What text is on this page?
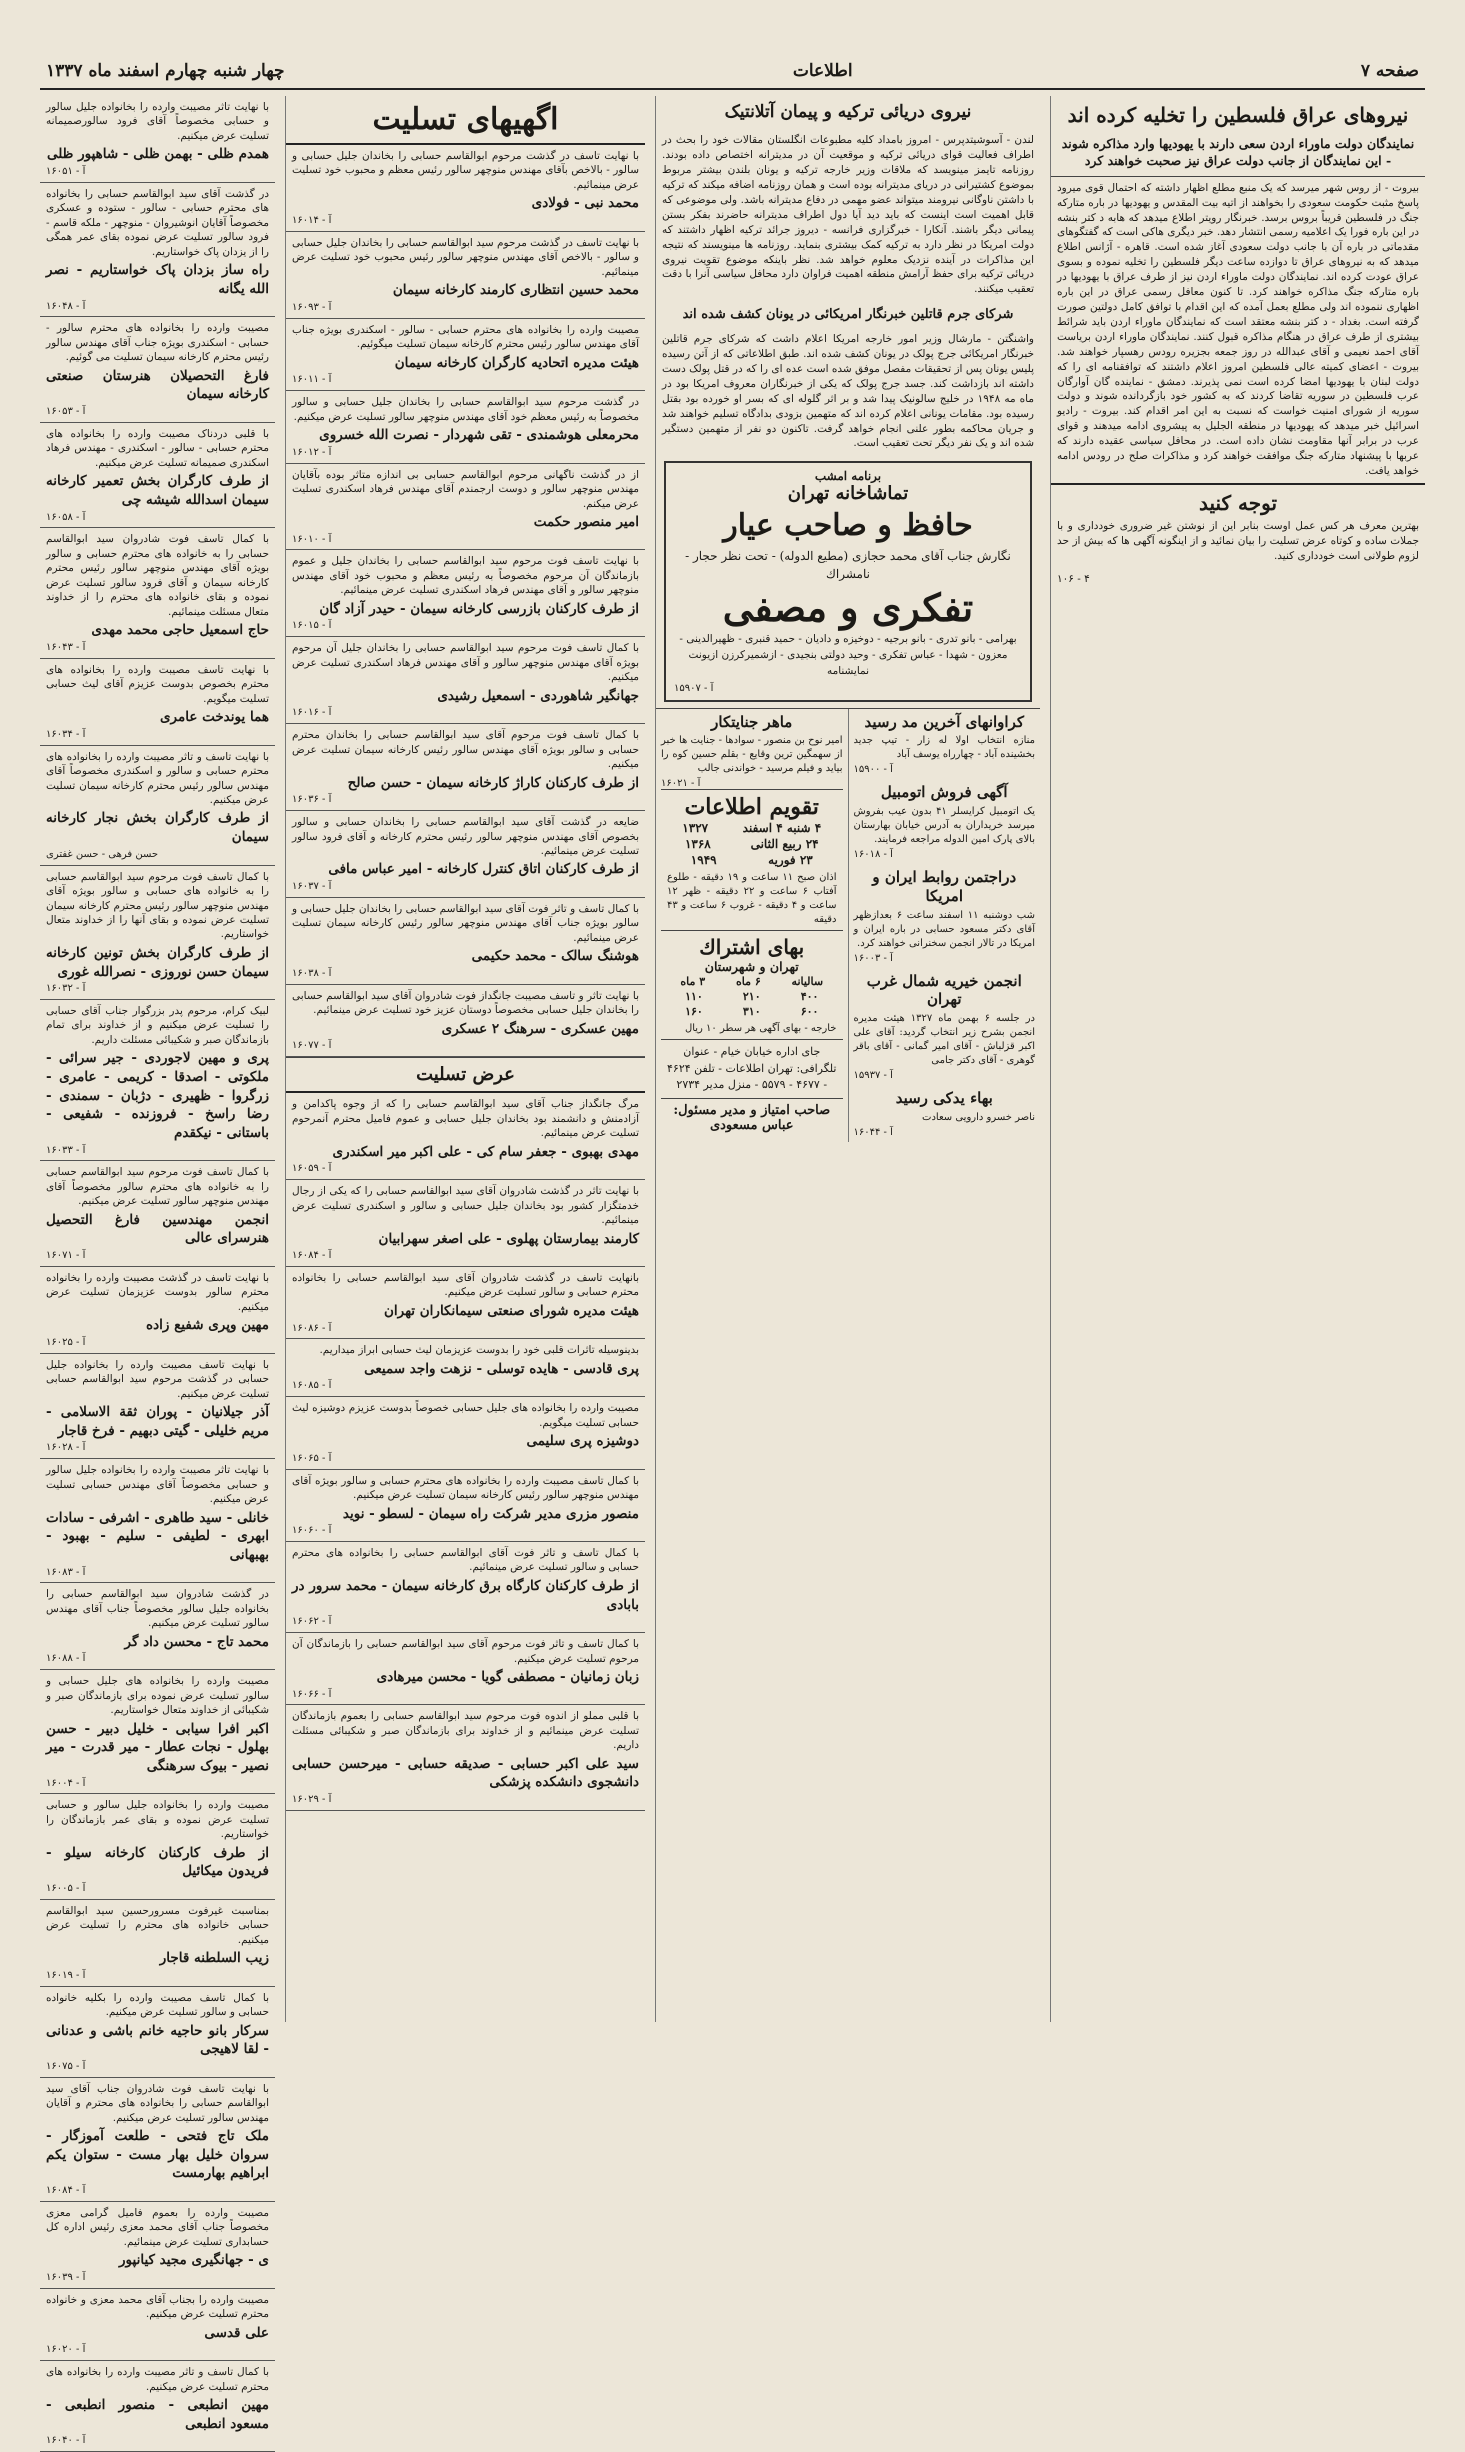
صفحه ۷
اطلاعات
چهار شنبه چهارم اسفند ماه ۱۳۳۷
نیروهای عراق فلسطین را تخلیه کرده اند
نمایندگان دولت ماوراء اردن سعی دارند با یهودیها وارد مذاکره شوند - این نمایندگان از جانب دولت عراق نیز صحبت خواهند کرد
بیروت - از روس شهر میرسد که یک منبع مطلع اظهار داشته که احتمال قوی میرود پاسخ مثبت حکومت سعودی را بخواهند از اتیه بیت المقدس و یهودیها در باره متارکه جنگ در فلسطین قریباً بروس برسد. خبرنگار رویتر اطلاع میدهد که هابه د کتر بنشه در این باره فورا یک اعلامیه رسمی انتشار دهد. خبر دیگری هاکی است که گفتگوهای مقدماتی در باره آن با جانب دولت سعودی آغاز شده است. قاهره - آژانس اطلاع میدهد که به نیروهای عراق تا دوازده ساعت دیگر فلسطین را تخلیه نموده و بسوی عراق عودت کرده اند. نمایندگان دولت ماوراء اردن نیز از طرف عراق با یهودیها در باره متارکه جنگ مذاکره خواهند کرد. تا کنون معافل رسمی عراق در این باره اظهاری ننموده اند ولی مطلع بعمل آمده که این اقدام با توافق کامل دولتین صورت گرفته است. بغداد - د کتر بنشه معتقد است که نمایندگان ماوراء اردن باید شرائط بیشتری از طرف عراق در هنگام مذاکره قبول کنند. نمایندگان ماوراء اردن بریاست آقای احمد نعیمی و آقای عبدالله در روز جمعه بجزیره رودس رهسپار خواهند شد. بیروت - اعضای کمیته عالی فلسطین امروز اعلام داشتند که توافقنامه ای را که دولت لبنان با یهودیها امضا کرده است نمی پذیرند. دمشق - نماینده گان آوارگان عرب فلسطین در سوریه تقاضا کردند که به کشور خود بازگردانده شوند و دولت سوریه از شورای امنیت خواست که نسبت به این امر اقدام کند. بیروت - رادیو اسرائیل خبر میدهد که یهودیها در منطقه الجلیل به پیشروی ادامه میدهند و قوای عرب در برابر آنها مقاومت نشان داده است. در محافل سیاسی عقیده دارند که عربها با پیشنهاد متارکه جنگ موافقت خواهند کرد و مذاکرات صلح در رودس ادامه خواهد یافت.
توجه کنید
بهترین معرف هر کس عمل اوست بنابر این از نوشتن غیر ضروری خودداری و با جملات ساده و کوتاه عرض تسلیت را بیان نمائید و از اینگونه آگهی ها که بیش از حد لزوم طولانی است خودداری کنید.
۱۰۶ - ۴
نیروی دریائی ترکیه و پیمان آتلانتیک
لندن - آسوشیتدپرس - امروز بامداد کلیه مطبوعات انگلستان مقالات خود را بحث در اطراف فعالیت قوای دریائی ترکیه و موقعیت آن در مدیترانه اختصاص داده بودند. روزنامه تایمز مینویسد که ملاقات وزیر خارجه ترکیه و یونان بلندن بیشتر مربوط بموضوع کشتیرانی در دریای مدیترانه بوده است و همان روزنامه اضافه میکند که ترکیه با داشتن ناوگانی نیرومند میتواند عضو مهمی در دفاع مدیترانه باشد. ولی موضوعی که قابل اهمیت است اینست که باید دید آیا دول اطراف مدیترانه حاضرند بفکر بستن پیمانی دیگر باشند. آنکارا - خبرگزاری فرانسه - دیروز جرائد ترکیه اظهار داشتند که دولت امریکا در نظر دارد به ترکیه کمک بیشتری بنماید. روزنامه ها مینویسند که نتیجه این مذاکرات در آینده نزدیک معلوم خواهد شد. نظر باینکه موضوع تقویت نیروی دریائی ترکیه برای حفظ آرامش منطقه اهمیت فراوان دارد محافل سیاسی آنرا با دقت تعقیب میکنند.
شرکای جرم قاتلین خبرنگار امریکائی در یونان کشف شده اند
واشنگتن - مارشال وزیر امور خارجه امریکا اعلام داشت که شرکای جرم قاتلین خبرنگار امریکائی جرج پولک در یونان کشف شده اند. طبق اطلاعاتی که از آتن رسیده پلیس یونان پس از تحقیقات مفصل موفق شده است عده ای را که در قتل پولک دست داشته اند بازداشت کند. جسد جرج پولک که یکی از خبرنگاران معروف امریکا بود در ماه مه ۱۹۴۸ در خلیج سالونیک پیدا شد و بر اثر گلوله ای که بسر او خورده بود بقتل رسیده بود. مقامات یونانی اعلام کرده اند که متهمین بزودی بدادگاه تسلیم خواهند شد و جریان محاکمه بطور علنی انجام خواهد گرفت. تاکنون دو نفر از متهمین دستگیر شده اند و یک نفر دیگر تحت تعقیب است.
برنامه امشب
تماشاخانه تهران
حافظ و صاحب عیار
نگارش جناب آقای محمد حجازی (مطیع الدوله) - تحت نظر حجار - نامشراك
تفکری و مصفی
بهرامی - بانو تدری - بانو برجیه - دوخیزه و دادیان - حمید قنبری - ظهیرالدینی - معزون - شهدا - عباس تفکری - وحید دولتی بنجیدی - ازشمیرکرزن ازیونت نمایشنامه
آ - ۱۵۹۰۷
کراوانهای آخرین مد رسید
منازه انتخاب اولا له زار - تیپ جدید بخشینده آباد - چهارراه یوسف آباد
آ - ۱۵۹۰۰
آگهی فروش اتومبیل
یک اتومبیل کرایسلر ۴۱ بدون عیب بفروش میرسد خریداران به آدرس خیابان بهارستان بالای پارک امین الدوله مراجعه فرمایند.
آ - ۱۶۰۱۸
دراجتمن روابط ایران و امریکا
شب دوشنبه ۱۱ اسفند ساعت ۶ بعدازظهر آقای دکتر مسعود حسابی در باره ایران و امریکا در تالار انجمن سخنرانی خواهند کرد.
آ - ۱۶۰۰۳
انجمن خیریه شمال غرب تهران
در جلسه ۶ بهمن ماه ۱۳۲۷ هیئت مدیره انجمن بشرح زیر انتخاب گردید: آقای علی اکبر قزلباش - آقای امیر گمانی - آقای باقر گوهری - آقای دکتر جامی
آ - ۱۵۹۳۷
بهاء یدکی رسید
ناصر خسرو دارویی سعادت
آ - ۱۶۰۴۴
ماهر جنایتکار
امیر نوح بن منصور - سوادها - جنایت ها خبر از سهمگین ترین وقایع - بقلم حسین کوه را بیاید و فیلم مرسید - خواندنی جالب
آ - ۱۶۰۲۱
تقویم اطلاعات
۴ شنبه ۴ اسفند
۱۳۲۷
۲۴ ربیع الثانی
۱۳۶۸
۲۳ فوریه
۱۹۴۹
اذان صبح ۱۱ ساعت و ۱۹ دقیقه - طلوع آفتاب ۶ ساعت و ۲۲ دقیقه - ظهر ۱۲ ساعت و ۴ دقیقه - غروب ۶ ساعت و ۴۳ دقیقه
بهای اشتراك
تهران و شهرستان
سالیانه
۶ ماه
۳ ماه
۴۰۰
۲۱۰
۱۱۰
۶۰۰
۳۱۰
۱۶۰
خارجه - بهای آگهی هر سطر ۱۰ ریال
جای اداره خیابان خیام - عنوان تلگرافی: تهران اطلاعات - تلفن ۴۶۲۴ - ۴۶۷۷ - ۵۵۷۹ - منزل مدیر ۲۷۳۴
صاحب امتیاز و مدیر مسئول: عباس مسعودی
اگهیهای تسلیت
با نهایت تاسف در گذشت مرحوم ابوالقاسم حسابی را بخاندان جلیل حسابی و سالور - بالاخص بآقای مهندس منوچهر سالور رئیس معظم و محبوب خود تسلیت عرض مینمائیم.
محمد نبی - فولادی
آ - ۱۶۰۱۴
با نهایت تاسف در گذشت مرحوم سید ابوالقاسم حسابی را بخاندان جلیل حسابی و سالور - بالاخص آقای مهندس منوچهر سالور رئیس محبوب خود تسلیت عرض مینمائیم.
محمد حسین انتظاری کارمند کارخانه سیمان
آ - ۱۶۰۹۳
مصیبت وارده را بخانواده های محترم حسابی - سالور - اسکندری بویژه جناب آقای مهندس سالور رئیس محترم کارخانه سیمان تسلیت میگوئیم.
هیئت مدیره اتحادیه کارگران کارخانه سیمان
آ - ۱۶۰۱۱
در گذشت مرحوم سید ابوالقاسم حسابی را بخاندان جلیل حسابی و سالور مخصوصاً به رئیس معظم خود آقای مهندس منوچهر سالور تسلیت عرض میکنیم.
محرمعلی هوشمندی - تقی شهردار - نصرت الله خسروی
آ - ۱۶۰۱۲
از در گذشت ناگهانی مرحوم ابوالقاسم حسابی بی اندازه متاثر بوده بآقایان مهندس منوچهر سالور و دوست ارجمندم آقای مهندس فرهاد اسکندری تسلیت عرض میکنم.
امیر منصور حکمت
آ - ۱۶۰۱۰
با نهایت تاسف فوت مرحوم سید ابوالقاسم حسابی را بخاندان جلیل و عموم بازماندگان آن مرحوم مخصوصاً به رئیس معظم و محبوب خود آقای مهندس منوچهر سالور و آقای مهندس فرهاد اسکندری تسلیت عرض مینمائیم.
از طرف کارکنان بازرسی کارخانه سیمان - حیدر آزاد گان
آ - ۱۶۰۱۵
با کمال تاسف فوت مرحوم سید ابوالقاسم حسابی را بخاندان جلیل آن مرحوم بویژه آقای مهندس منوچهر سالور و آقای مهندس فرهاد اسکندری تسلیت عرض میکنیم.
جهانگیر شاهوردی - اسمعیل رشیدی
آ - ۱۶۰۱۶
با کمال تاسف فوت مرحوم آقای سید ابوالقاسم حسابی را بخاندان محترم حسابی و سالور بویژه آقای مهندس سالور رئیس کارخانه سیمان تسلیت عرض میکنیم.
از طرف کارکنان کاراژ کارخانه سیمان - حسن صالح
آ - ۱۶۰۳۶
ضایعه در گذشت آقای سید ابوالقاسم حسابی را بخاندان حسابی و سالور بخصوص آقای مهندس منوچهر سالور رئیس محترم کارخانه و آقای فرود سالور تسلیت عرض مینمائیم.
از طرف کارکنان اتاق کنترل کارخانه - امیر عباس مافی
آ - ۱۶۰۳۷
با کمال تاسف و تاثر فوت آقای سید ابوالقاسم حسابی را بخاندان جلیل حسابی و سالور بویژه جناب آقای مهندس منوچهر سالور رئیس کارخانه سیمان تسلیت عرض مینمائیم.
هوشنگ سالک - محمد حکیمی
آ - ۱۶۰۳۸
با نهایت تاثر و تاسف مصیبت جانگداز فوت شادروان آقای سید ابوالقاسم حسابی را بخاندان جلیل حسابی مخصوصاً دوستان عزیز خود تسلیت عرض مینمائیم.
مهین عسکری - سرهنگ ۲ عسکری
آ - ۱۶۰۷۷
عرض تسلیت
مرگ جانگداز جناب آقای سید ابوالقاسم حسابی را که از وجوه پاکدامن و آزادمنش و دانشمند بود بخاندان جلیل حسابی و عموم فامیل محترم آنمرحوم تسلیت عرض مینمائیم.
مهدی بهبوی - جعفر سام کی - علی اکبر میر اسکندری
آ - ۱۶۰۵۹
با نهایت تاثر در گذشت شادروان آقای سید ابوالقاسم حسابی را که یکی از رجال خدمتگزار کشور بود بخاندان جلیل حسابی و سالور و اسکندری تسلیت عرض مینمائیم.
کارمند بیمارستان پهلوی - علی اصغر سهرابیان
آ - ۱۶۰۸۴
بانهایت تاسف در گذشت شادروان آقای سید ابوالقاسم حسابی را بخانواده محترم حسابی و سالور تسلیت عرض میکنیم.
هیئت مدیره شورای صنعتی سیمانکاران تهران
آ - ۱۶۰۸۶
بدینوسیله تاثرات قلبی خود را بدوست عزیزمان لیث حسابی ابراز میداریم.
پری قادسی - هایده توسلی - نزهت واجد سمیعی
آ - ۱۶۰۸۵
مصیبت وارده را بخانواده های جلیل حسابی خصوصاً بدوست عزیزم دوشیزه لیث حسابی تسلیت میگویم.
دوشیزه پری سلیمی
آ - ۱۶۰۶۵
با کمال تاسف مصیبت وارده را بخانواده های محترم حسابی و سالور بویژه آقای مهندس منوچهر سالور رئیس کارخانه سیمان تسلیت عرض میکنیم.
منصور مزری مدیر شرکت راه سیمان - لسطو - نوید
آ - ۱۶۰۶۰
با کمال تاسف و تاثر فوت آقای ابوالقاسم حسابی را بخانواده های محترم حسابی و سالور تسلیت عرض مینمائیم.
از طرف کارکنان کارگاه برق کارخانه سیمان - محمد سرور در بابادی
آ - ۱۶۰۶۲
با کمال تاسف و تاثر فوت مرحوم آقای سید ابوالقاسم حسابی را بازماندگان آن مرحوم تسلیت عرض میکنیم.
زبان زمانیان - مصطفی گویا - محسن میرهادی
آ - ۱۶۰۶۶
با قلبی مملو از اندوه فوت مرحوم سید ابوالقاسم حسابی را بعموم بازماندگان تسلیت عرض مینمائیم و از خداوند برای بازماندگان صبر و شکیبائی مسئلت داریم.
سید علی اکبر حسابی - صدیقه حسابی - میرحسن حسابی دانشجوی دانشکده پزشکی
آ - ۱۶۰۲۹
با نهایت تاثر مصیبت وارده را بخانواده جلیل سالور و حسابی مخصوصاً آقای فرود سالورصمیمانه تسلیت عرض میکنیم.
همدم ظلی - بهمن ظلی - شاهپور ظلی
آ - ۱۶۰۵۱
در گذشت آقای سید ابوالقاسم حسابی را بخانواده های محترم حسابی - سالور - ستوده و عسکری مخصوصاً آقایان انوشیروان - منوچهر - ملکه قاسم - فرود سالور تسلیت عرض نموده بقای عمر همگی را از یزدان پاک خواستاریم.
راه ساز بزدان پاک خواستاریم - نصر الله یگانه
آ - ۱۶۰۴۸
مصیبت وارده را بخانواده های محترم سالور - حسابی - اسکندری بویژه جناب آقای مهندس سالور رئیس محترم کارخانه سیمان تسلیت می گوئیم.
فارغ التحصیلان هنرستان صنعتی کارخانه سیمان
آ - ۱۶۰۵۳
با قلبی دردناک مصیبت وارده را بخانواده های محترم حسابی - سالور - اسکندری - مهندس فرهاد اسکندری صمیمانه تسلیت عرض میکنیم.
از طرف کارگران بخش تعمیر کارخانه سیمان اسدالله شیشه چی
آ - ۱۶۰۵۸
با کمال تاسف فوت شادروان سید ابوالقاسم حسابی را به خانواده های محترم حسابی و سالور بویژه آقای مهندس منوچهر سالور رئیس محترم کارخانه سیمان و آقای فرود سالور تسلیت عرض نموده و بقای خانواده های محترم را از خداوند متعال مسئلت مینمائیم.
حاج اسمعیل حاجی محمد مهدی
آ - ۱۶۰۴۳
با نهایت تاسف مصیبت وارده را بخانواده های محترم بخصوص بدوست عزیزم آقای لیث حسابی تسلیت میگویم.
هما یوندخت عامری
آ - ۱۶۰۳۴
با نهایت تاسف و تاثر مصیبت وارده را بخانواده های محترم حسابی و سالور و اسکندری مخصوصاً آقای مهندس سالور رئیس محترم کارخانه سیمان تسلیت عرض میکنیم.
از طرف کارگران بخش نجار کارخانه سیمان
حسن فرهی - حسن غفتری
با کمال تاسف فوت مرحوم سید ابوالقاسم حسابی را به خانواده های حسابی و سالور بویژه آقای مهندس منوچهر سالور رئیس محترم کارخانه سیمان تسلیت عرض نموده و بقای آنها را از خداوند متعال خواستاریم.
از طرف کارگران بخش تونین کارخانه سیمان حسن نوروزی - نصرالله غوری
آ - ۱۶۰۳۲
لبیک کرام، مرحوم پدر بزرگوار جناب آقای حسابی را تسلیت عرض میکنیم و از خداوند برای تمام بازماندگان صبر و شکیبائی مسئلت داریم.
پری و مهین لاجوردی - جیر سرائی - ملکوتی - اصدقا - کریمی - عامری - زرگروا - ظهیری - دژبان - سمندی - رضا راسخ - فروزنده - شفیعی - باستانی - نیکقدم
آ - ۱۶۰۳۳
با کمال تاسف فوت مرحوم سید ابوالقاسم حسابی را به خانواده های محترم سالور مخصوصاً آقای مهندس منوچهر سالور تسلیت عرض میکنیم.
انجمن مهندسین فارغ التحصیل هنرسرای عالی
آ - ۱۶۰۷۱
با نهایت تاسف در گذشت مصیبت وارده را بخانواده محترم سالور بدوست عزیزمان تسلیت عرض میکنیم.
مهین وپری شفیع زاده
آ - ۱۶۰۲۵
با نهایت تاسف مصیبت وارده را بخانواده جلیل حسابی در گذشت مرحوم سید ابوالقاسم حسابی تسلیت عرض میکنیم.
آذر جیلانیان - پوران ثقة الاسلامی - مریم خلیلی - گیتی دبهیم - فرخ قاجار
آ - ۱۶۰۲۸
با نهایت تاثر مصیبت وارده را بخانواده جلیل سالور و حسابی مخصوصاً آقای مهندس حسابی تسلیت عرض میکنیم.
خانلی - سید طاهری - اشرفی - سادات ابهری - لطیفی - سلیم - بهبود - بهبهانی
آ - ۱۶۰۸۳
در گذشت شادروان سید ابوالقاسم حسابی را بخانواده جلیل سالور مخصوصاً جناب آقای مهندس سالور تسلیت عرض میکنیم.
محمد تاج - محسن داد گر
آ - ۱۶۰۸۸
مصیبت وارده را بخانواده های جلیل حسابی و سالور تسلیت عرض نموده برای بازماندگان صبر و شکیبائی از خداوند متعال خواستاریم.
اکبر افرا سیابی - خلیل دبیر - حسن بهلول - نجات عطار - میر قدرت - میر نصیر - بیوک سرهنگی
آ - ۱۶۰۰۴
مصیبت وارده را بخانواده جلیل سالور و حسابی تسلیت عرض نموده و بقای عمر بازماندگان را خواستاریم.
از طرف کارکنان کارخانه سیلو - فریدون میکائیل
آ - ۱۶۰۰۵
بمناسبت غیرفوت مسرورحسین سید ابوالقاسم حسابی خانواده های محترم را تسلیت عرض میکنیم.
زیب السلطنه قاجار
آ - ۱۶۰۱۹
با کمال تاسف مصیبت وارده را بکلیه خانواده حسابی و سالور تسلیت عرض میکنیم.
سرکار بانو حاجیه خانم باشی و عدنانی - لقا لاهیجی
آ - ۱۶۰۷۵
با نهایت تاسف فوت شادروان جناب آقای سید ابوالقاسم حسابی را بخانواده های محترم و آقایان مهندس سالور تسلیت عرض میکنیم.
ملک تاج فتحی - طلعت آموزگار - سروان خلیل بهار مست - ستوان یکم ابراهیم بهارمست
آ - ۱۶۰۸۴
مصیبت وارده را بعموم فامیل گرامی معزی مخصوصاً جناب آقای محمد معزی رئیس اداره کل حسابداری تسلیت عرض مینمائیم.
ی - جهانگیری مجید کیانپور
آ - ۱۶۰۳۹
مصیبت وارده را بجناب آقای محمد معزی و خانواده محترم تسلیت عرض میکنیم.
علی قدسی
آ - ۱۶۰۲۰
با کمال تاسف و تاثر مصیبت وارده را بخانواده های محترم تسلیت عرض میکنیم.
مهین انطبعی - منصور انطبعی - مسعود انطبعی
آ - ۱۶۰۴۰
